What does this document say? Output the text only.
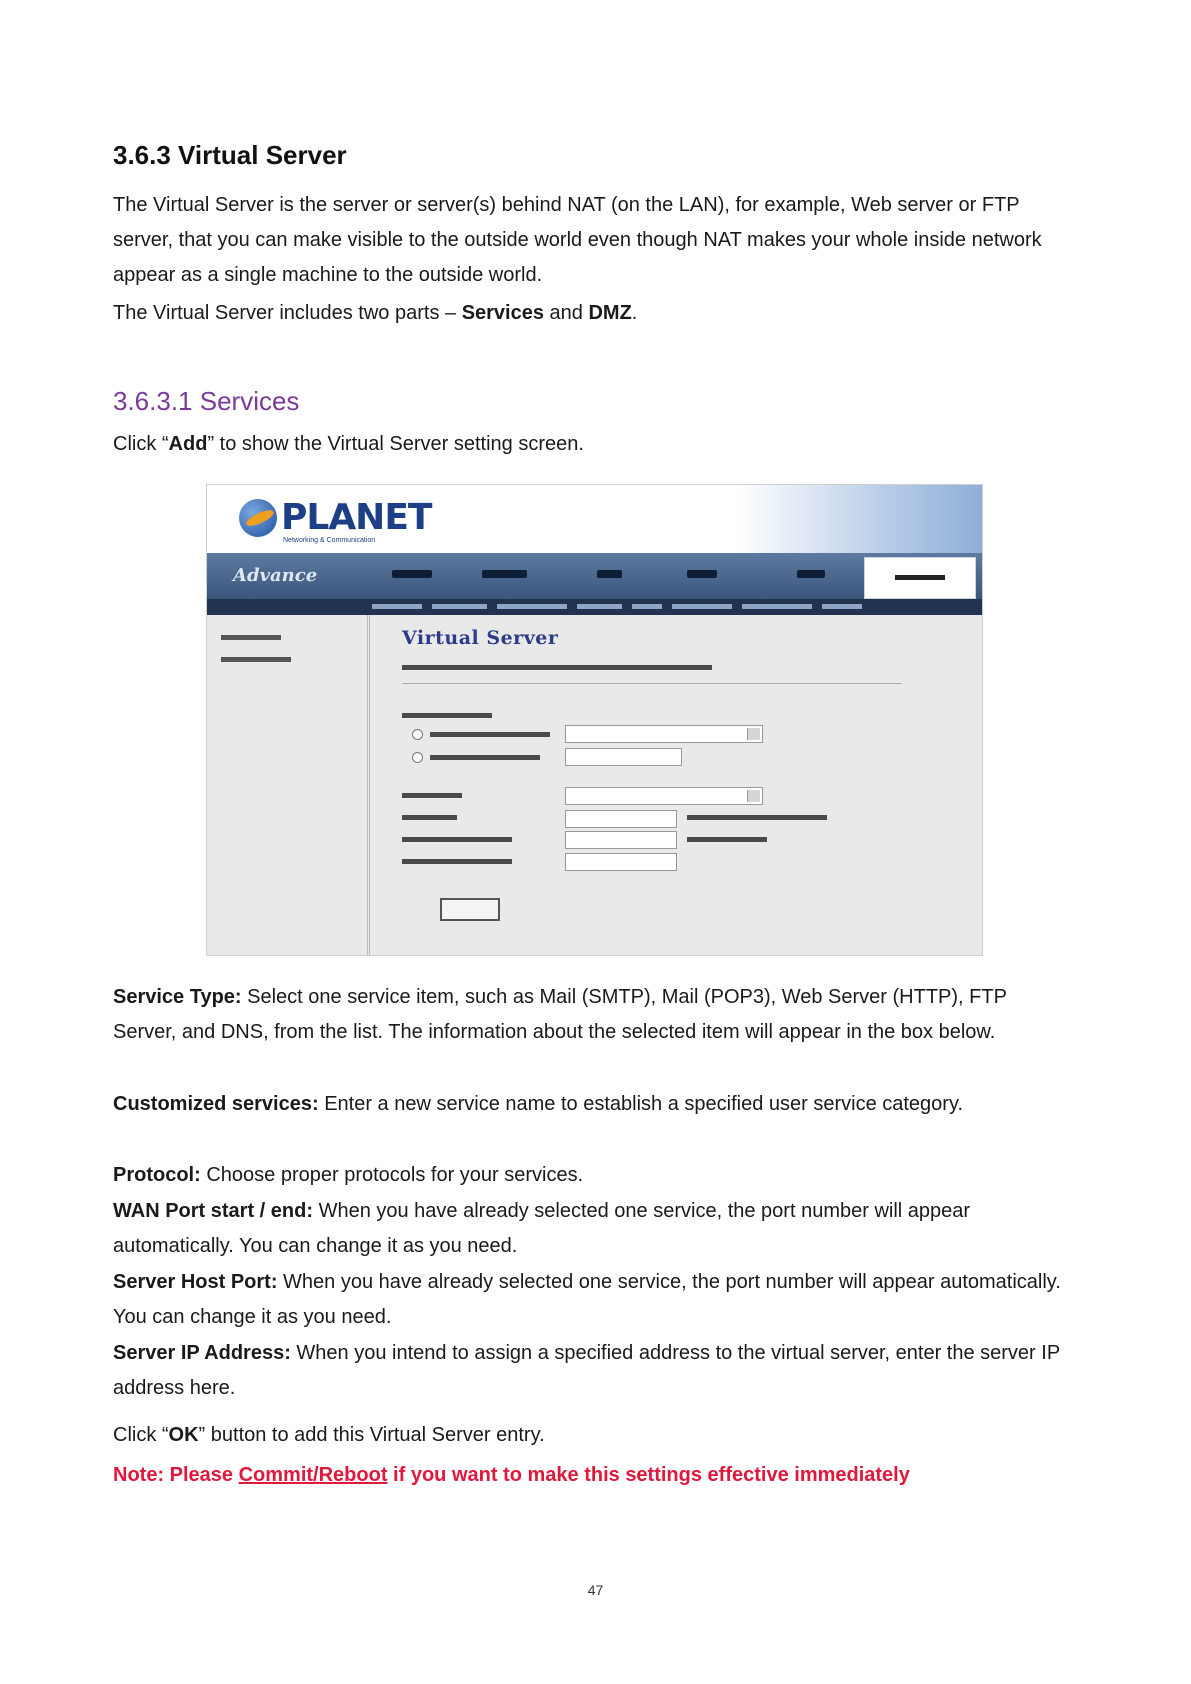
3.6.3 Virtual Server

The Virtual Server is the server or server(s) behind NAT (on the LAN), for example, Web server or FTP server, that you can make visible to the outside world even though NAT makes your whole inside network appear as a single machine to the outside world.

The Virtual Server includes two parts – Services and DMZ.

3.6.3.1 Services

Click “Add” to show the Virtual Server setting screen.

PLANET
Networking & Communication
Advance
Virtual Server

Service Type: Select one service item, such as Mail (SMTP), Mail (POP3), Web Server (HTTP), FTP Server, and DNS, from the list. The information about the selected item will appear in the box below.

Customized services: Enter a new service name to establish a specified user service category.

Protocol: Choose proper protocols for your services.

WAN Port start / end: When you have already selected one service, the port number will appear automatically. You can change it as you need.

Server Host Port: When you have already selected one service, the port number will appear automatically. You can change it as you need.

Server IP Address: When you intend to assign a specified address to the virtual server, enter the server IP address here.

Click “OK” button to add this Virtual Server entry.

Note: Please Commit/Reboot if you want to make this settings effective immediately
47
